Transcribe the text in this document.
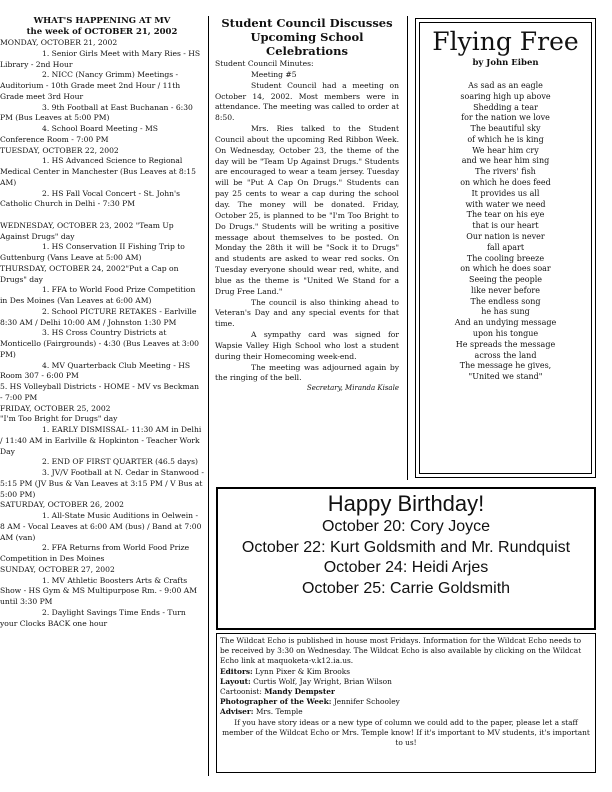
WHAT'S HAPPENING AT MV
the week of OCTOBER 21, 2002
MONDAY, OCTOBER 21, 2002
1. Senior Girls Meet with Mary Ries - HS Library - 2nd Hour
2. NICC (Nancy Grimm) Meetings - Auditorium - 10th Grade meet 2nd Hour / 11th Grade meet 3rd Hour
3. 9th Football at East Buchanan - 6:30 PM (Bus Leaves at 5:00 PM)
4. School Board Meeting - MS Conference Room - 7:00 PM
TUESDAY, OCTOBER 22, 2002
1. HS Advanced Science to Regional Medical Center in Manchester (Bus Leaves at 8:15 AM)
2. HS Fall Vocal Concert - St. John's Catholic Church in Delhi - 7:30 PM
WEDNESDAY, OCTOBER 23, 2002 "Team Up Against Drugs" day
1. HS Conservation II Fishing Trip to Guttenburg (Vans Leave at 5:00 AM)
THURSDAY, OCTOBER 24, 2002"Put a Cap on Drugs" day
1. FFA to World Food Prize Competition in Des Moines (Van Leaves at 6:00 AM)
2. School PICTURE RETAKES - Earlville 8:30 AM / Delhi 10:00 AM / Johnston 1:30 PM
3. HS Cross Country Districts at Monticello (Fairgrounds) - 4:30 (Bus Leaves at 3:00 PM)
4. MV Quarterback Club Meeting - HS Room 307 - 6:00 PM
5. HS Volleyball Districts - HOME - MV vs Beckman - 7:00 PM
FRIDAY, OCTOBER 25, 2002
"I'm Too Bright for Drugs" day
1. EARLY DISMISSAL- 11:30 AM in Delhi / 11:40 AM in Earlville & Hopkinton - Teacher Work Day
2. END OF FIRST QUARTER (46.5 days)
3. JV/V Football at N. Cedar in Stanwood - 5:15 PM (JV Bus & Van Leaves at 3:15 PM / V Bus at 5:00 PM)
SATURDAY, OCTOBER 26, 2002
1. All-State Music Auditions in Oelwein - 8 AM - Vocal Leaves at 6:00 AM (bus) / Band at 7:00 AM (van)
2. FFA Returns from World Food Prize Competition in Des Moines
SUNDAY, OCTOBER 27, 2002
1. MV Athletic Boosters Arts & Crafts Show - HS Gym & MS Multipurpose Rm. - 9:00 AM until 3:30 PM
2. Daylight Savings Time Ends - Turn your Clocks BACK one hour
Student Council Discusses Upcoming School Celebrations

Student Council Minutes:

Meeting #5

Student Council had a meeting on October 14, 2002. Most members were in attendance. The meeting was called to order at 8:50.

Mrs. Ries talked to the Student Council about the upcoming Red Ribbon Week. On Wednesday, October 23, the theme of the day will be "Team Up Against Drugs." Students are encouraged to wear a team jersey. Tuesday will be "Put A Cap On Drugs." Students can pay 25 cents to wear a cap during the school day. The money will be donated. Friday, October 25, is planned to be "I'm Too Bright to Do Drugs." Students will be writing a positive message about themselves to be posted. On Monday the 28th it will be "Sock it to Drugs" and students are asked to wear red socks. On Tuesday everyone should wear red, white, and blue as the theme is "United We Stand for a Drug Free Land."

The council is also thinking ahead to Veteran's Day and any special events for that time.

A sympathy card was signed for Wapsie Valley High School who lost a student during their Homecoming week-end.

The meeting was adjourned again by the ringing of the bell.

Secretary, Miranda Kisale
Flying Free
by John Eiben
As sad as an eagle
soaring high up above
Shedding a tear
for the nation we love
The beautiful sky
of which he is king
We hear him cry
and we hear him sing
The rivers' fish
on which he does feed
It provides us all
with water we need
The tear on his eye
that is our heart
Our nation is never
fall apart
The cooling breeze
on which he does soar
Seeing the people
like never before
The endless song
he has sung
And an undying message
upon his tongue
He spreads the message
across the land
The message he gives,
"United we stand"
Happy Birthday!
October 20: Cory Joyce
October 22: Kurt Goldsmith and Mr. Rundquist
October 24: Heidi Arjes
October 25: Carrie Goldsmith
The Wildcat Echo is published in house most Fridays. Information for the Wildcat Echo needs to be received by 3:30 on Wednesday. The Wildcat Echo is also available by clicking on the Wildcat Echo link at maquoketa-v.k12.ia.us.
Editors: Lynn Pixer & Kim Brooks
Layout: Curtis Wolf, Jay Wright, Brian Wilson
Cartoonist: Mandy Dempster
Photographer of the Week: Jennifer Schooley
Adviser: Mrs. Temple
If you have story ideas or a new type of column we could add to the paper, please let a staff member of the Wildcat Echo or Mrs. Temple know! If it's important to MV students, it's important to us!
